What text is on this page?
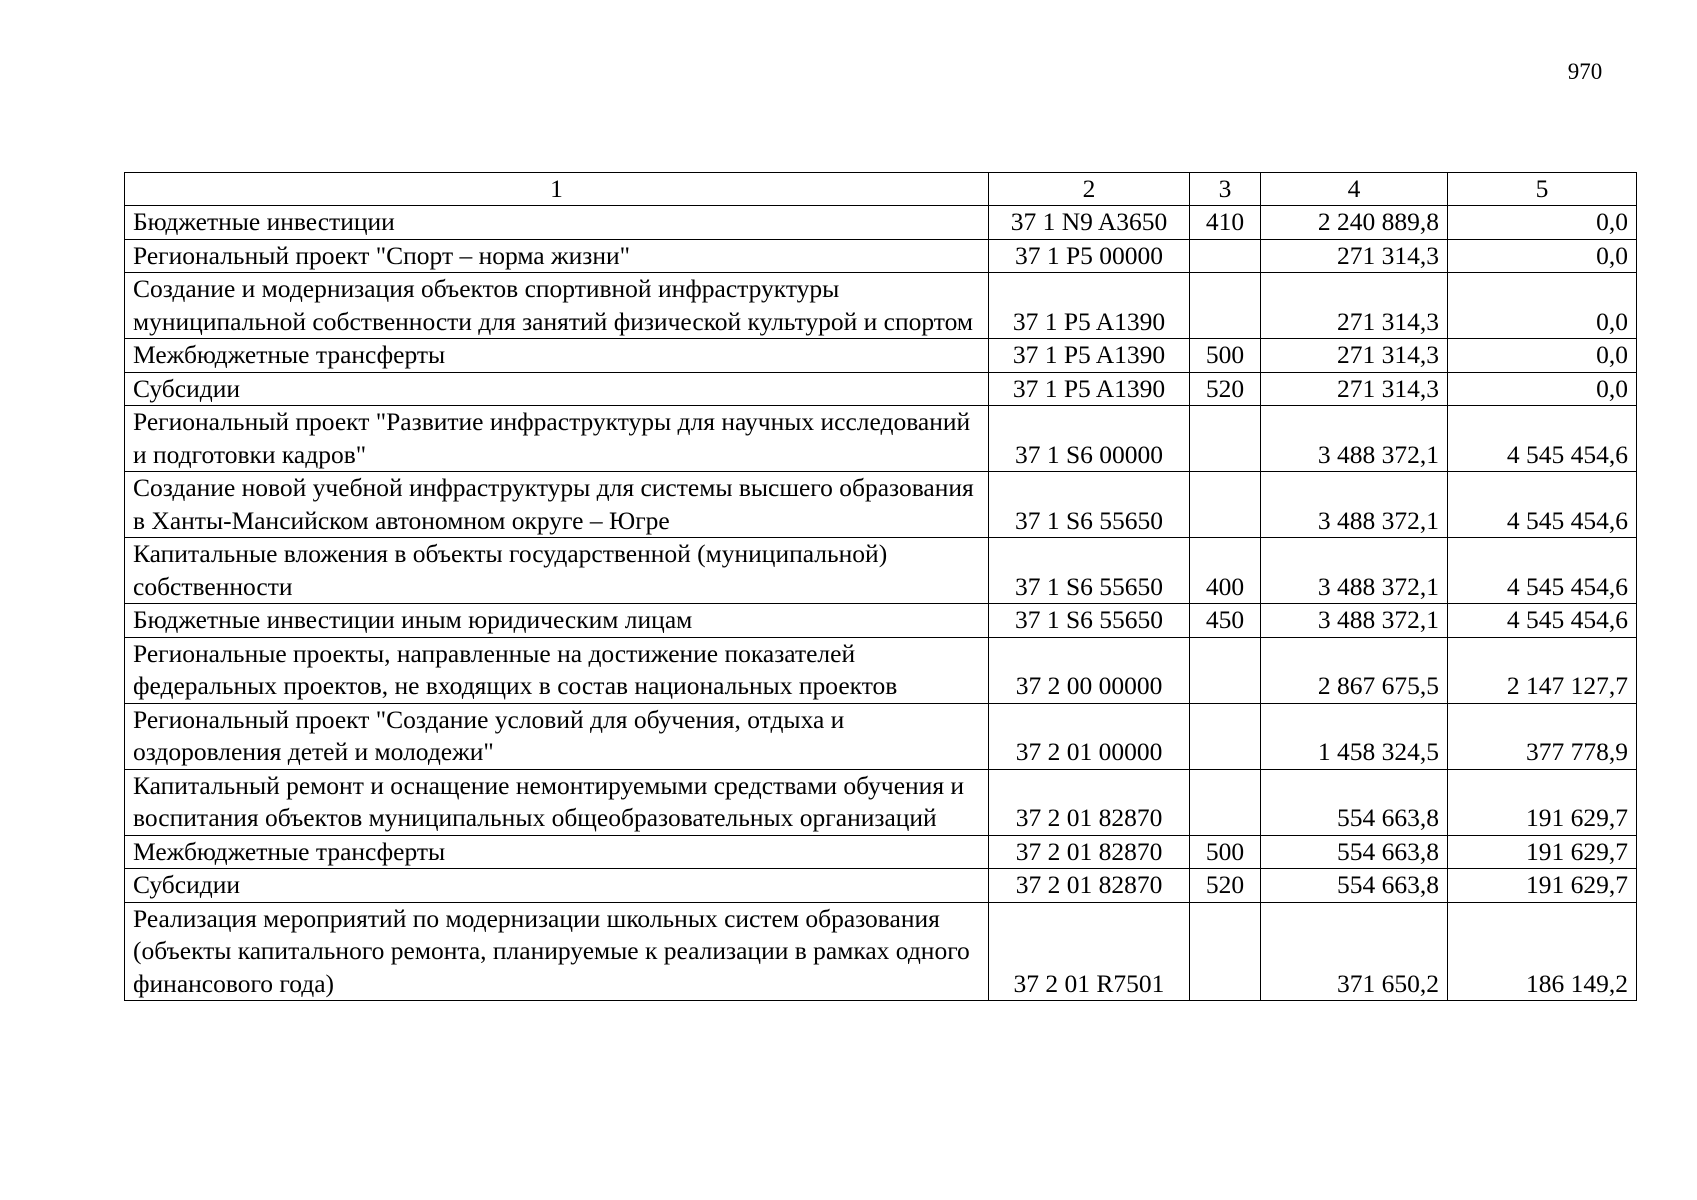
970
1	2	3	4	5
Бюджетные инвестиции	37 1 N9 A3650	410	2 240 889,8	0,0
Региональный проект "Спорт – норма жизни"	37 1 P5 00000		271 314,3	0,0
Создание и модернизация объектов спортивной инфраструктуры муниципальной собственности для занятий физической культурой и спортом	37 1 P5 A1390		271 314,3	0,0
Межбюджетные трансферты	37 1 P5 A1390	500	271 314,3	0,0
Субсидии	37 1 P5 A1390	520	271 314,3	0,0
Региональный проект "Развитие инфраструктуры для научных исследований и подготовки кадров"	37 1 S6 00000		3 488 372,1	4 545 454,6
Создание новой учебной инфраструктуры для системы высшего образования в Ханты-Мансийском автономном округе – Югре	37 1 S6 55650		3 488 372,1	4 545 454,6
Капитальные вложения в объекты государственной (муниципальной) собственности	37 1 S6 55650	400	3 488 372,1	4 545 454,6
Бюджетные инвестиции иным юридическим лицам	37 1 S6 55650	450	3 488 372,1	4 545 454,6
Региональные проекты, направленные на достижение показателей федеральных проектов, не входящих в состав национальных проектов	37 2 00 00000		2 867 675,5	2 147 127,7
Региональный проект "Создание условий для обучения, отдыха и оздоровления детей и молодежи"	37 2 01 00000		1 458 324,5	377 778,9
Капитальный ремонт и оснащение немонтируемыми средствами обучения и воспитания объектов муниципальных общеобразовательных организаций	37 2 01 82870		554 663,8	191 629,7
Межбюджетные трансферты	37 2 01 82870	500	554 663,8	191 629,7
Субсидии	37 2 01 82870	520	554 663,8	191 629,7
Реализация мероприятий по модернизации школьных систем образования (объекты капитального ремонта, планируемые к реализации в рамках одного финансового года)	37 2 01 R7501		371 650,2	186 149,2
